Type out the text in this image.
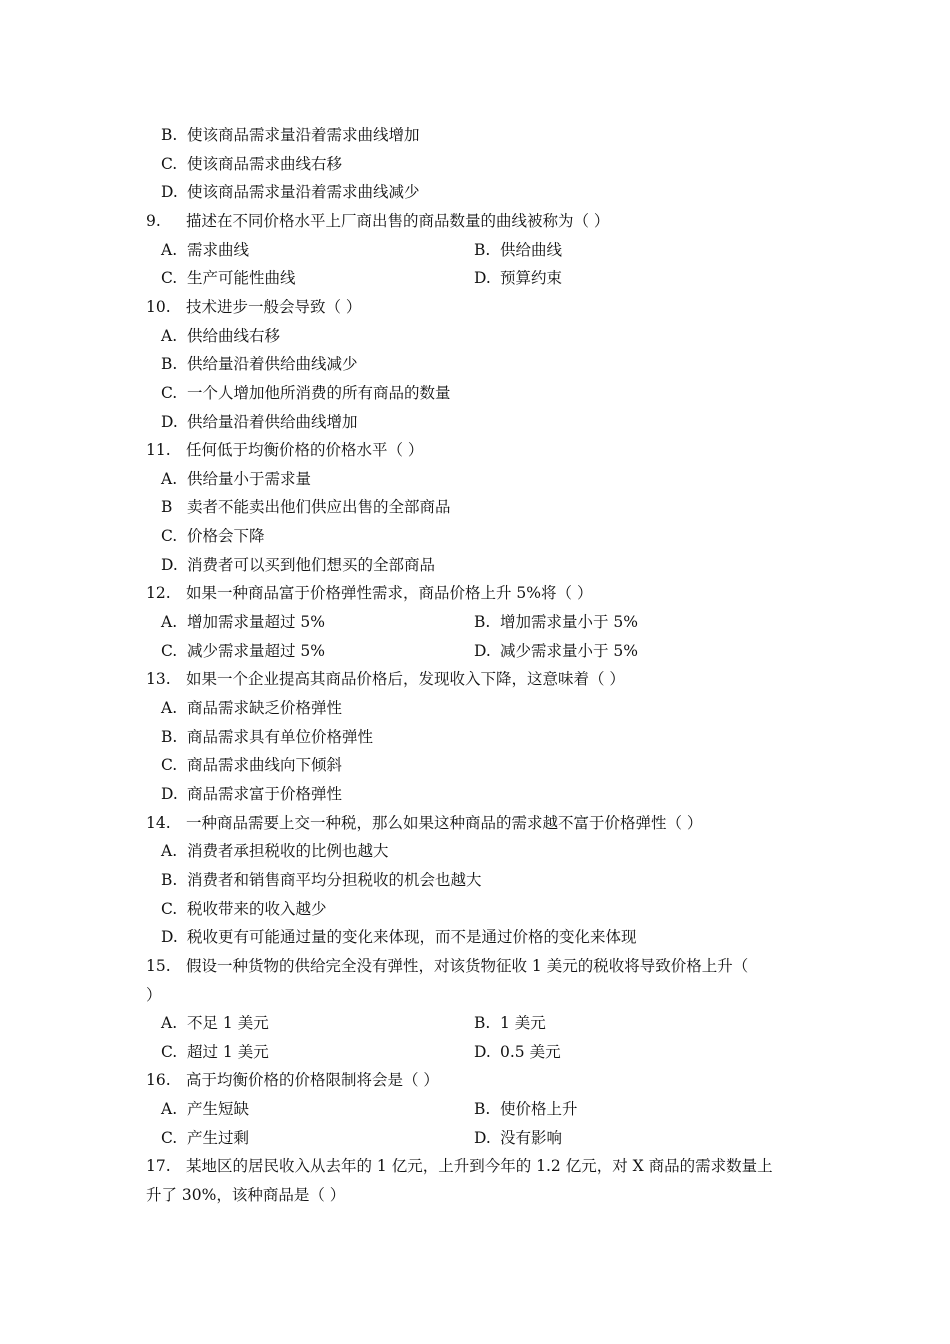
B. 使该商品需求量沿着需求曲线增加
C. 使该商品需求曲线右移
D. 使该商品需求量沿着需求曲线减少
9. 描述在不同价格水平上厂商出售的商品数量的曲线被称为（ ）
A. 需求曲线	B. 供给曲线
C. 生产可能性曲线	D. 预算约束
10. 技术进步一般会导致（ ）
A. 供给曲线右移
B. 供给量沿着供给曲线减少
C. 一个人增加他所消费的所有商品的数量
D. 供给量沿着供给曲线增加
11. 任何低于均衡价格的价格水平（ ）
A. 供给量小于需求量
B 卖者不能卖出他们供应出售的全部商品
C. 价格会下降
D. 消费者可以买到他们想买的全部商品
12. 如果一种商品富于价格弹性需求，商品价格上升 5%将（ ）
A. 增加需求量超过 5%	B. 增加需求量小于 5%
C. 减少需求量超过 5%	D. 减少需求量小于 5%
13. 如果一个企业提高其商品价格后，发现收入下降，这意味着（ ）
A. 商品需求缺乏价格弹性
B. 商品需求具有单位价格弹性
C. 商品需求曲线向下倾斜
D. 商品需求富于价格弹性
14. 一种商品需要上交一种税，那么如果这种商品的需求越不富于价格弹性（ ）
A. 消费者承担税收的比例也越大
B. 消费者和销售商平均分担税收的机会也越大
C. 税收带来的收入越少
D. 税收更有可能通过量的变化来体现，而不是通过价格的变化来体现
15. 假设一种货物的供给完全没有弹性，对该货物征收 1 美元的税收将导致价格上升（
）
A. 不足 1 美元	B. 1 美元
C. 超过 1 美元	D. 0.5 美元
16. 高于均衡价格的价格限制将会是（ ）
A. 产生短缺	B. 使价格上升
C. 产生过剩	D. 没有影响
17. 某地区的居民收入从去年的 1 亿元，上升到今年的 1.2 亿元，对 X 商品的需求数量上
升了 30%，该种商品是（ ）
